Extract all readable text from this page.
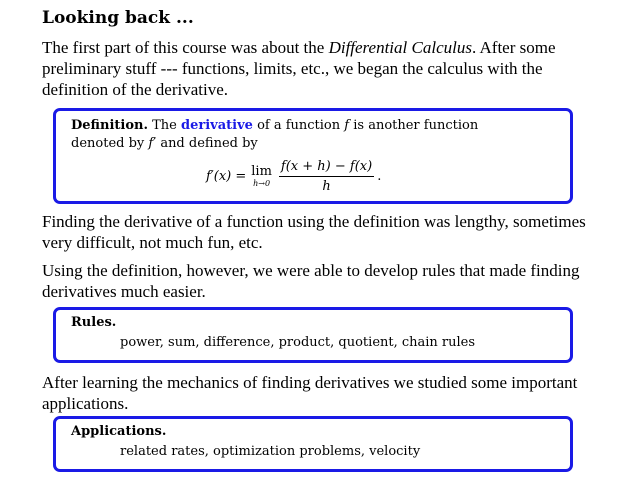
Looking back ...
The first part of this course was about the Differential Calculus. After some preliminary stuff --- functions, limits, etc., we began the calculus with the definition of the derivative.
Definition. The derivative of a function f is another function
denoted by f′ and defined by
f′(x) = lim
$h\to 0 \frac{f(x + h) - f(x)}{h}$ .
Finding the derivative of a function using the definition was lengthy, sometimes very difficult, not much fun, etc.
Using the definition, however, we were able to develop rules that made finding derivatives much easier.
Rules.
power, sum, difference, product, quotient, chain rules
After learning the mechanics of finding derivatives we studied some important applications.
Applications.
related rates, optimization problems, velocity
